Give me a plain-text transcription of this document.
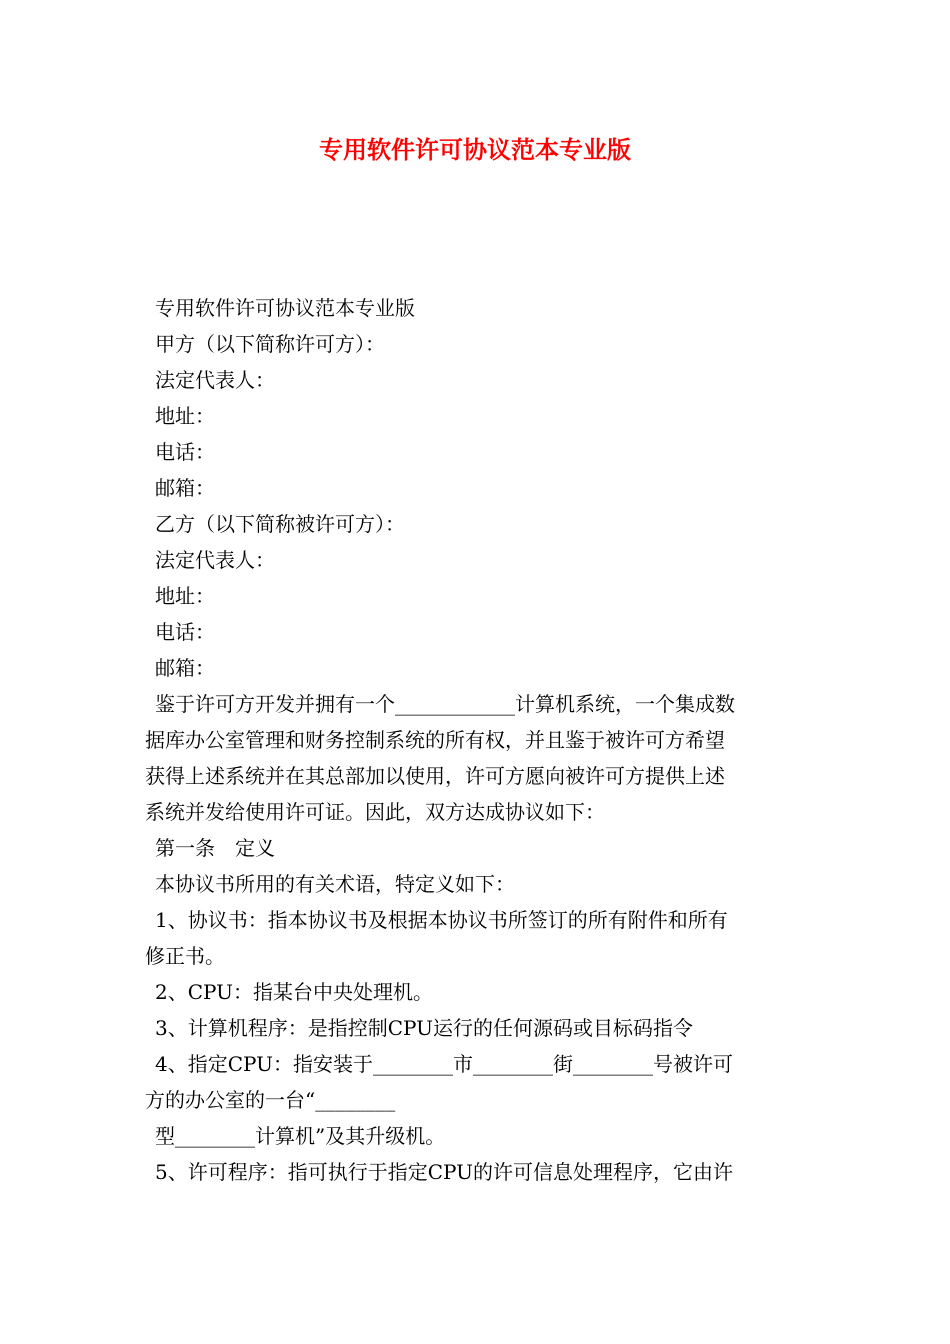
专用软件许可协议范本专业版
专用软件许可协议范本专业版
甲方（以下简称许可方）：
法定代表人：
地址：
电话：
邮箱：
乙方（以下简称被许可方）：
法定代表人：
地址：
电话：
邮箱：
鉴于许可方开发并拥有一个____________计算机系统，一个集成数
据库办公室管理和财务控制系统的所有权，并且鉴于被许可方希望
获得上述系统并在其总部加以使用，许可方愿向被许可方提供上述
系统并发给使用许可证。因此，双方达成协议如下：
第一条　定义
本协议书所用的有关术语，特定义如下：
1、协议书：指本协议书及根据本协议书所签订的所有附件和所有
修正书。
2、CPU：指某台中央处理机。
3、计算机程序：是指控制CPU运行的任何源码或目标码指令
4、指定CPU：指安装于________市________街________号被许可
方的办公室的一台“________
型________计算机”及其升级机。
5、许可程序：指可执行于指定CPU的许可信息处理程序，它由许
